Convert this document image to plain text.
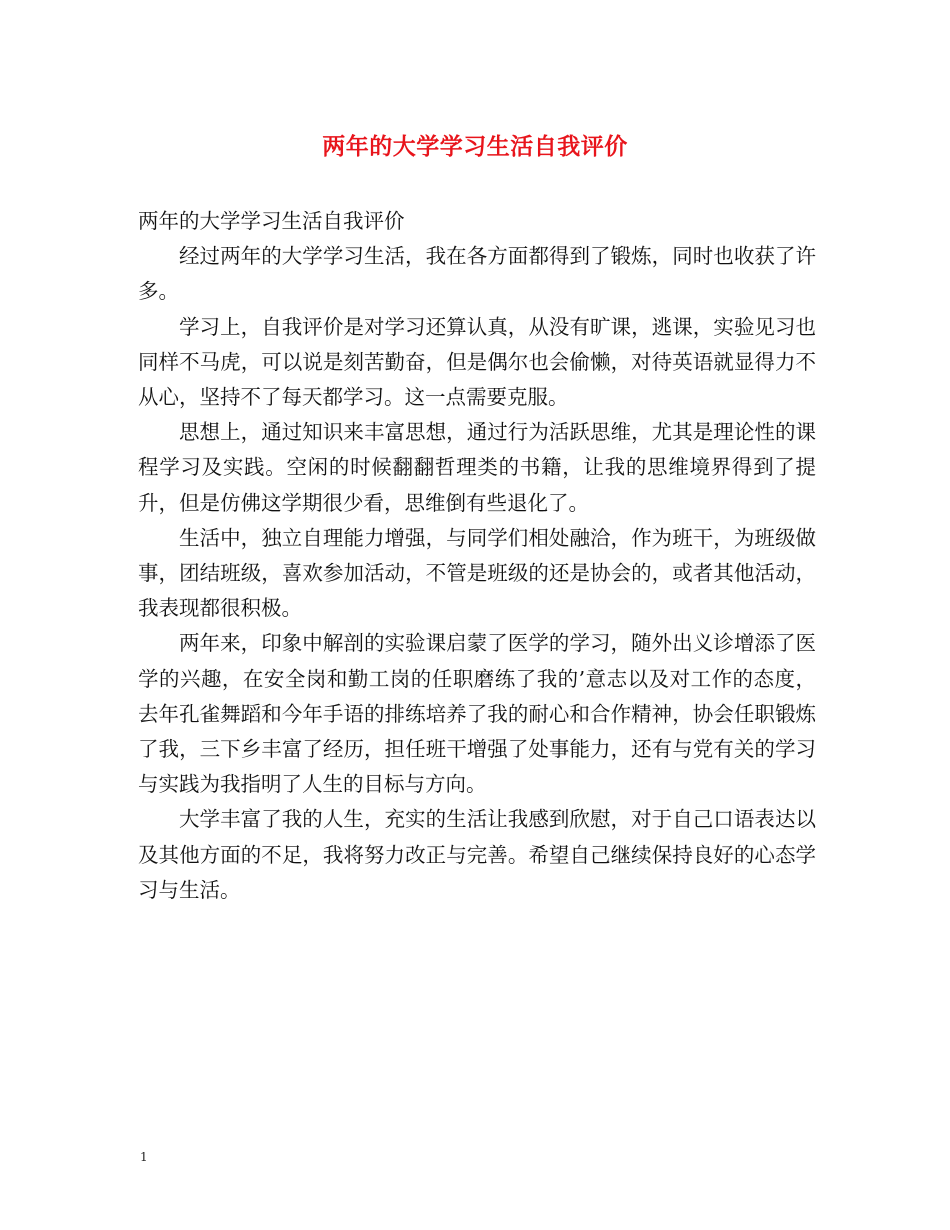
两年的大学学习生活自我评价

两年的大学学习生活自我评价

经过两年的大学学习生活，我在各方面都得到了锻炼，同时也收获了许多。

学习上，自我评价是对学习还算认真，从没有旷课，逃课，实验见习也同样不马虎，可以说是刻苦勤奋，但是偶尔也会偷懒，对待英语就显得力不从心，坚持不了每天都学习。这一点需要克服。

思想上，通过知识来丰富思想，通过行为活跃思维，尤其是理论性的课程学习及实践。空闲的时候翻翻哲理类的书籍，让我的思维境界得到了提升，但是仿佛这学期很少看，思维倒有些退化了。

生活中，独立自理能力增强，与同学们相处融洽，作为班干，为班级做事，团结班级，喜欢参加活动，不管是班级的还是协会的，或者其他活动，我表现都很积极。

两年来，印象中解剖的实验课启蒙了医学的学习，随外出义诊增添了医学的兴趣，在安全岗和勤工岗的任职磨练了我的’意志以及对工作的态度，去年孔雀舞蹈和今年手语的排练培养了我的耐心和合作精神，协会任职锻炼了我，三下乡丰富了经历，担任班干增强了处事能力，还有与党有关的学习与实践为我指明了人生的目标与方向。

大学丰富了我的人生，充实的生活让我感到欣慰，对于自己口语表达以及其他方面的不足，我将努力改正与完善。希望自己继续保持良好的心态学习与生活。

1
